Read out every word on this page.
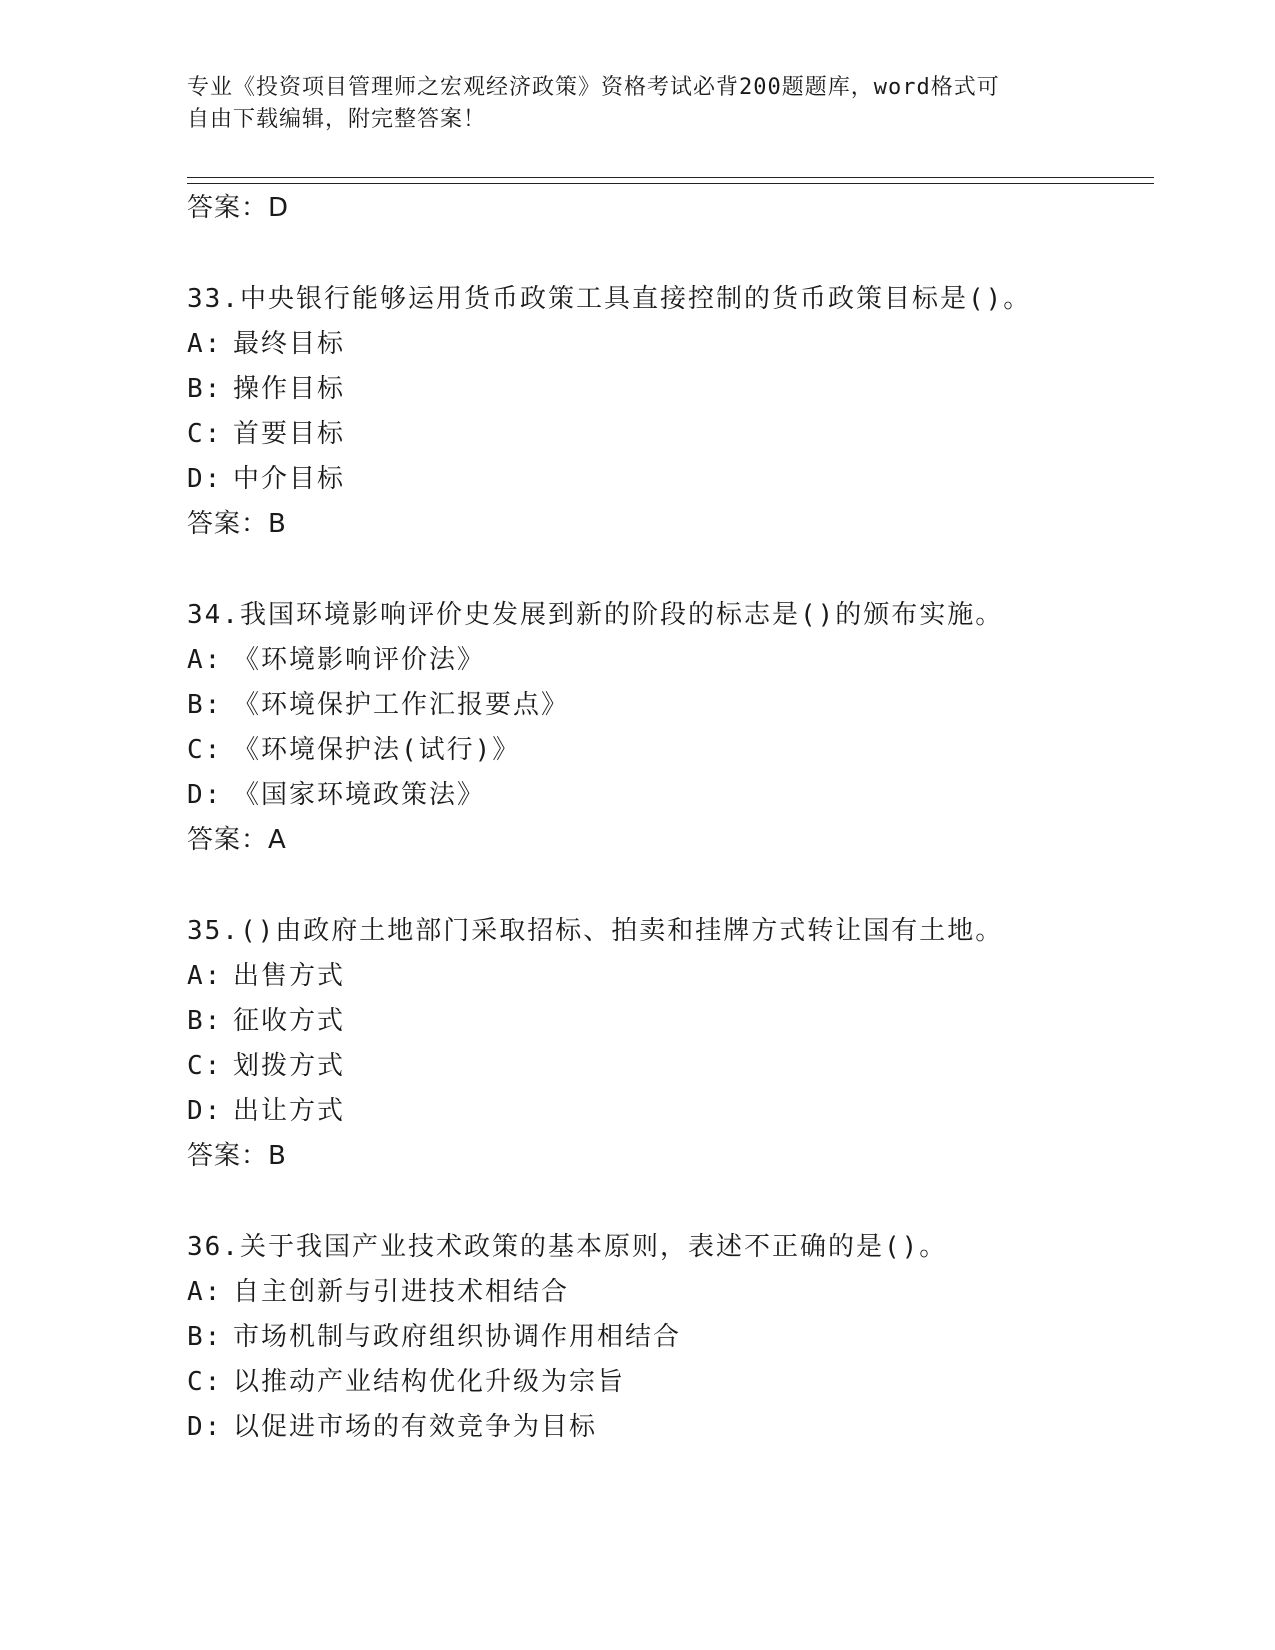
专业《投资项目管理师之宏观经济政策》资格考试必背200题题库，word格式可
自由下载编辑，附完整答案！
答案：D
33.中央银行能够运用货币政策工具直接控制的货币政策目标是()。
A: 最终目标
B: 操作目标
C: 首要目标
D: 中介目标
答案：B
34.我国环境影响评价史发展到新的阶段的标志是()的颁布实施。
A: 《环境影响评价法》
B: 《环境保护工作汇报要点》
C: 《环境保护法(试行)》
D: 《国家环境政策法》
答案：A
35.()由政府土地部门采取招标、拍卖和挂牌方式转让国有土地。
A: 出售方式
B: 征收方式
C: 划拨方式
D: 出让方式
答案：B
36.关于我国产业技术政策的基本原则，表述不正确的是()。
A: 自主创新与引进技术相结合
B: 市场机制与政府组织协调作用相结合
C: 以推动产业结构优化升级为宗旨
D: 以促进市场的有效竞争为目标
